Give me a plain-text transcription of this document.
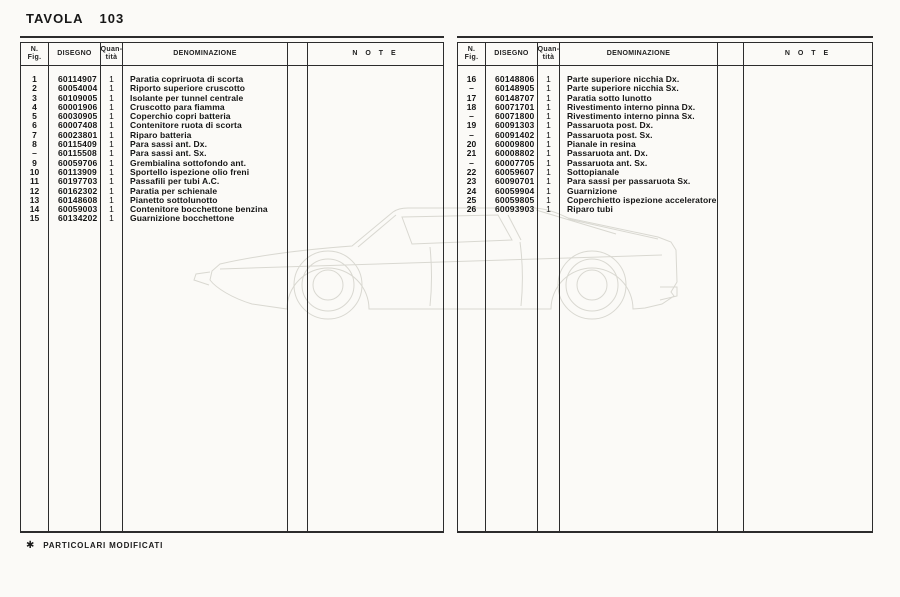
TAVOLA 103
N.
Fig.
DISEGNO
Quan-
tità
DENOMINAZIONE	N O T E
1
2
3
4
5
6
7
8
–
9
10
11
12
13
14
15
60114907
60054004
60109005
60001906
60030905
60007408
60023801
60115409
60115508
60059706
60113909
60197703
60162302
60148608
60059003
60134202
1
1
1
1
1
1
1
1
1
1
1
1
1
1
1
1
Paratia copriruota di scorta
Riporto superiore cruscotto
Isolante per tunnel centrale
Cruscotto para fiamma
Coperchio copri batteria
Contenitore ruota di scorta
Riparo batteria
Para sassi ant. Dx.
Para sassi ant. Sx.
Grembialina sottofondo ant.
Sportello ispezione olio freni
Passafili per tubi A.C.
Paratia per schienale
Pianetto sottolunotto
Contenitore bocchettone benzina
Guarnizione bocchettone
N.
Fig.
DISEGNO
Quan-
tità
DENOMINAZIONE	N O T E
16
–
17
18
–
19
–
20
21
–
22
23
24
25
26
60148806
60148905
60148707
60071701
60071800
60091303
60091402
60009800
60008802
60007705
60059607
60090701
60059904
60059805
60093903
1
1
1
1
1
1
1
1
1
1
1
1
1
1
1
Parte superiore nicchia Dx.
Parte superiore nicchia Sx.
Paratia sotto lunotto
Rivestimento interno pinna Dx.
Rivestimento interno pinna Sx.
Passaruota post. Dx.
Passaruota post. Sx.
Pianale in resina
Passaruota ant. Dx.
Passaruota ant. Sx.
Sottopianale
Para sassi per passaruota Sx.
Guarnizione
Coperchietto ispezione acceleratore
Riparo tubi
✱ PARTICOLARI MODIFICATI
